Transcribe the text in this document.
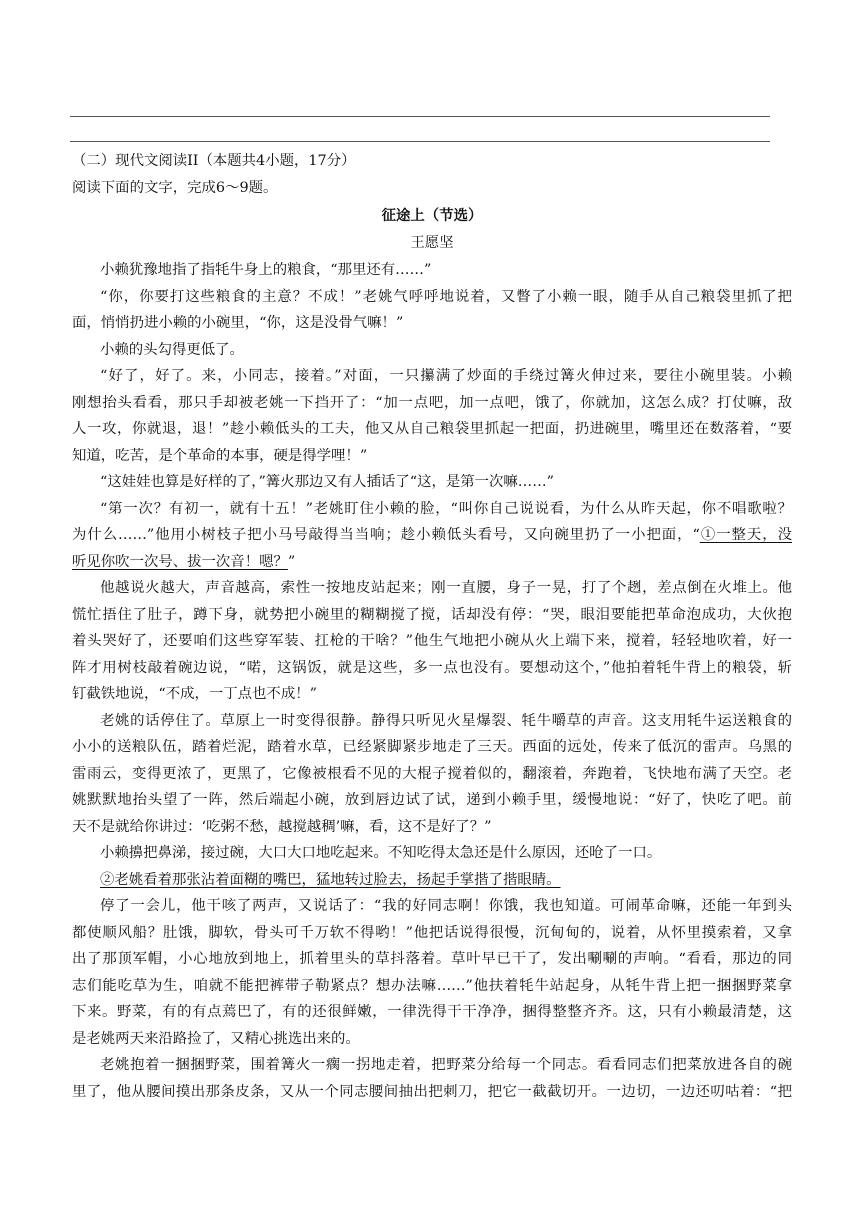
（二）现代文阅读II（本题共4小题，17分）
阅读下面的文字，完成6～9题。
征途上（节选）
王愿坚
小赖犹豫地指了指牦牛身上的粮食，“那里还有……”
“你，你要打这些粮食的主意？不成！”老姚气呼呼地说着，又瞥了小赖一眼，随手从自己粮袋里抓了把
面，悄悄扔进小赖的小碗里，“你，这是没骨气嘛！”
小赖的头勾得更低了。
“好了，好了。来，小同志，接着。”对面，一只攥满了炒面的手绕过篝火伸过来，要往小碗里装。小赖
刚想抬头看看，那只手却被老姚一下挡开了：“加一点吧，加一点吧，饿了，你就加，这怎么成？打仗嘛，敌
人一攻，你就退，退！”趁小赖低头的工夫，他又从自己粮袋里抓起一把面，扔进碗里，嘴里还在数落着，“要
知道，吃苦，是个革命的本事，硬是得学哩！”
“这娃娃也算是好样的了，”篝火那边又有人插话了“这，是第一次嘛……”
“第一次？有初一，就有十五！”老姚盯住小赖的脸，“叫你自己说说看，为什么从昨天起，你不唱歌啦？
为什么……”他用小树枝子把小马号敲得当当响；趁小赖低头看号，又向碗里扔了一小把面，“①一整天，没
听见你吹一次号、拔一次音！嗯？”
他越说火越大，声音越高，索性一按地皮站起来；刚一直腰，身子一晃，打了个趔，差点倒在火堆上。他
慌忙捂住了肚子，蹲下身，就势把小碗里的糊糊搅了搅，话却没有停：“哭，眼泪要能把革命泡成功，大伙抱
着头哭好了，还要咱们这些穿军装、扛枪的干啥？”他生气地把小碗从火上端下来，搅着，轻轻地吹着，好一
阵才用树枝敲着碗边说，“喏，这锅饭，就是这些，多一点也没有。要想动这个，”他拍着牦牛背上的粮袋，斩
钉截铁地说，“不成，一丁点也不成！”
老姚的话停住了。草原上一时变得很静。静得只听见火星爆裂、牦牛嚼草的声音。这支用牦牛运送粮食的
小小的送粮队伍，踏着烂泥，踏着水草，已经紧脚紧步地走了三天。西面的远处，传来了低沉的雷声。乌黑的
雷雨云，变得更浓了，更黑了，它像被根看不见的大棍子搅着似的，翻滚着，奔跑着，飞快地布满了天空。老
姚默默地抬头望了一阵，然后端起小碗，放到唇边试了试，递到小赖手里，缓慢地说：“好了，快吃了吧。前
天不是就给你讲过：‘吃粥不愁，越搅越稠’嘛，看，这不是好了？”
小赖擤把鼻涕，接过碗，大口大口地吃起来。不知吃得太急还是什么原因，还呛了一口。
②老姚看着那张沾着面糊的嘴巴，猛地转过脸去，扬起手掌揩了揩眼睛。
停了一会儿，他干咳了两声，又说话了：“我的好同志啊！你饿，我也知道。可闹革命嘛，还能一年到头
都使顺风船？肚饿，脚软，骨头可千万软不得哟！”他把话说得很慢，沉甸甸的，说着，从怀里摸索着，又拿
出了那顶军帽，小心地放到地上，抓着里头的草抖落着。草叶早已干了，发出唰唰的声响。“看看，那边的同
志们能吃草为生，咱就不能把裤带子勒紧点？想办法嘛……”他扶着牦牛站起身，从牦牛背上把一捆捆野菜拿
下来。野菜，有的有点蔫巴了，有的还很鲜嫩，一律洗得干干净净，捆得整整齐齐。这，只有小赖最清楚，这
是老姚两天来沿路捡了，又精心挑选出来的。
老姚抱着一捆捆野菜，围着篝火一瘸一拐地走着，把野菜分给每一个同志。看看同志们把菜放进各自的碗
里了，他从腰间摸出那条皮条，又从一个同志腰间抽出把刺刀，把它一截截切开。一边切，一边还叨咕着：“把
